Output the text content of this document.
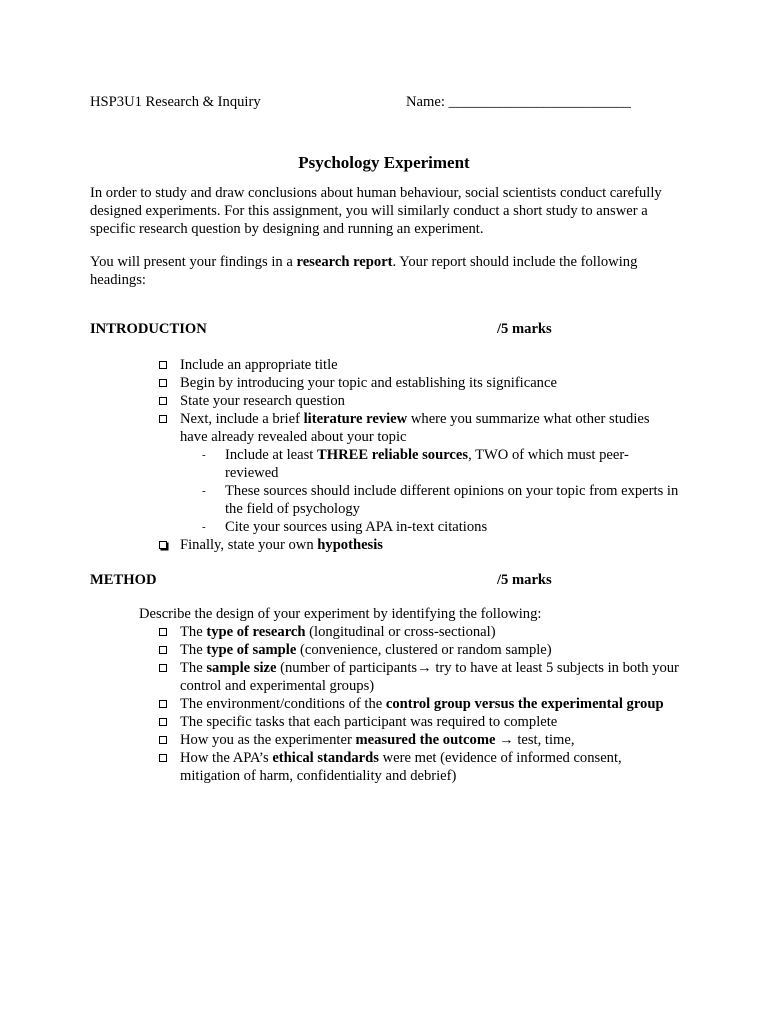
HSP3U1 Research & Inquiry	Name: _________________________
Psychology Experiment
In order to study and draw conclusions about human behaviour, social scientists conduct carefully designed experiments. For this assignment, you will similarly conduct a short study to answer a specific research question by designing and running an experiment.
You will present your findings in a research report. Your report should include the following headings:
INTRODUCTION	/5 marks
Include an appropriate title
Begin by introducing your topic and establishing its significance
State your research question
Next, include a brief literature review where you summarize what other studies have already revealed about your topic
- Include at least THREE reliable sources, TWO of which must peer-reviewed
- These sources should include different opinions on your topic from experts in the field of psychology
- Cite your sources using APA in-text citations
Finally, state your own hypothesis
METHOD	/5 marks
Describe the design of your experiment by identifying the following:
The type of research (longitudinal or cross-sectional)
The type of sample (convenience, clustered or random sample)
The sample size (number of participants→ try to have at least 5 subjects in both your control and experimental groups)
The environment/conditions of the control group versus the experimental group
The specific tasks that each participant was required to complete
How you as the experimenter measured the outcome → test, time,
How the APA’s ethical standards were met (evidence of informed consent, mitigation of harm, confidentiality and debrief)
